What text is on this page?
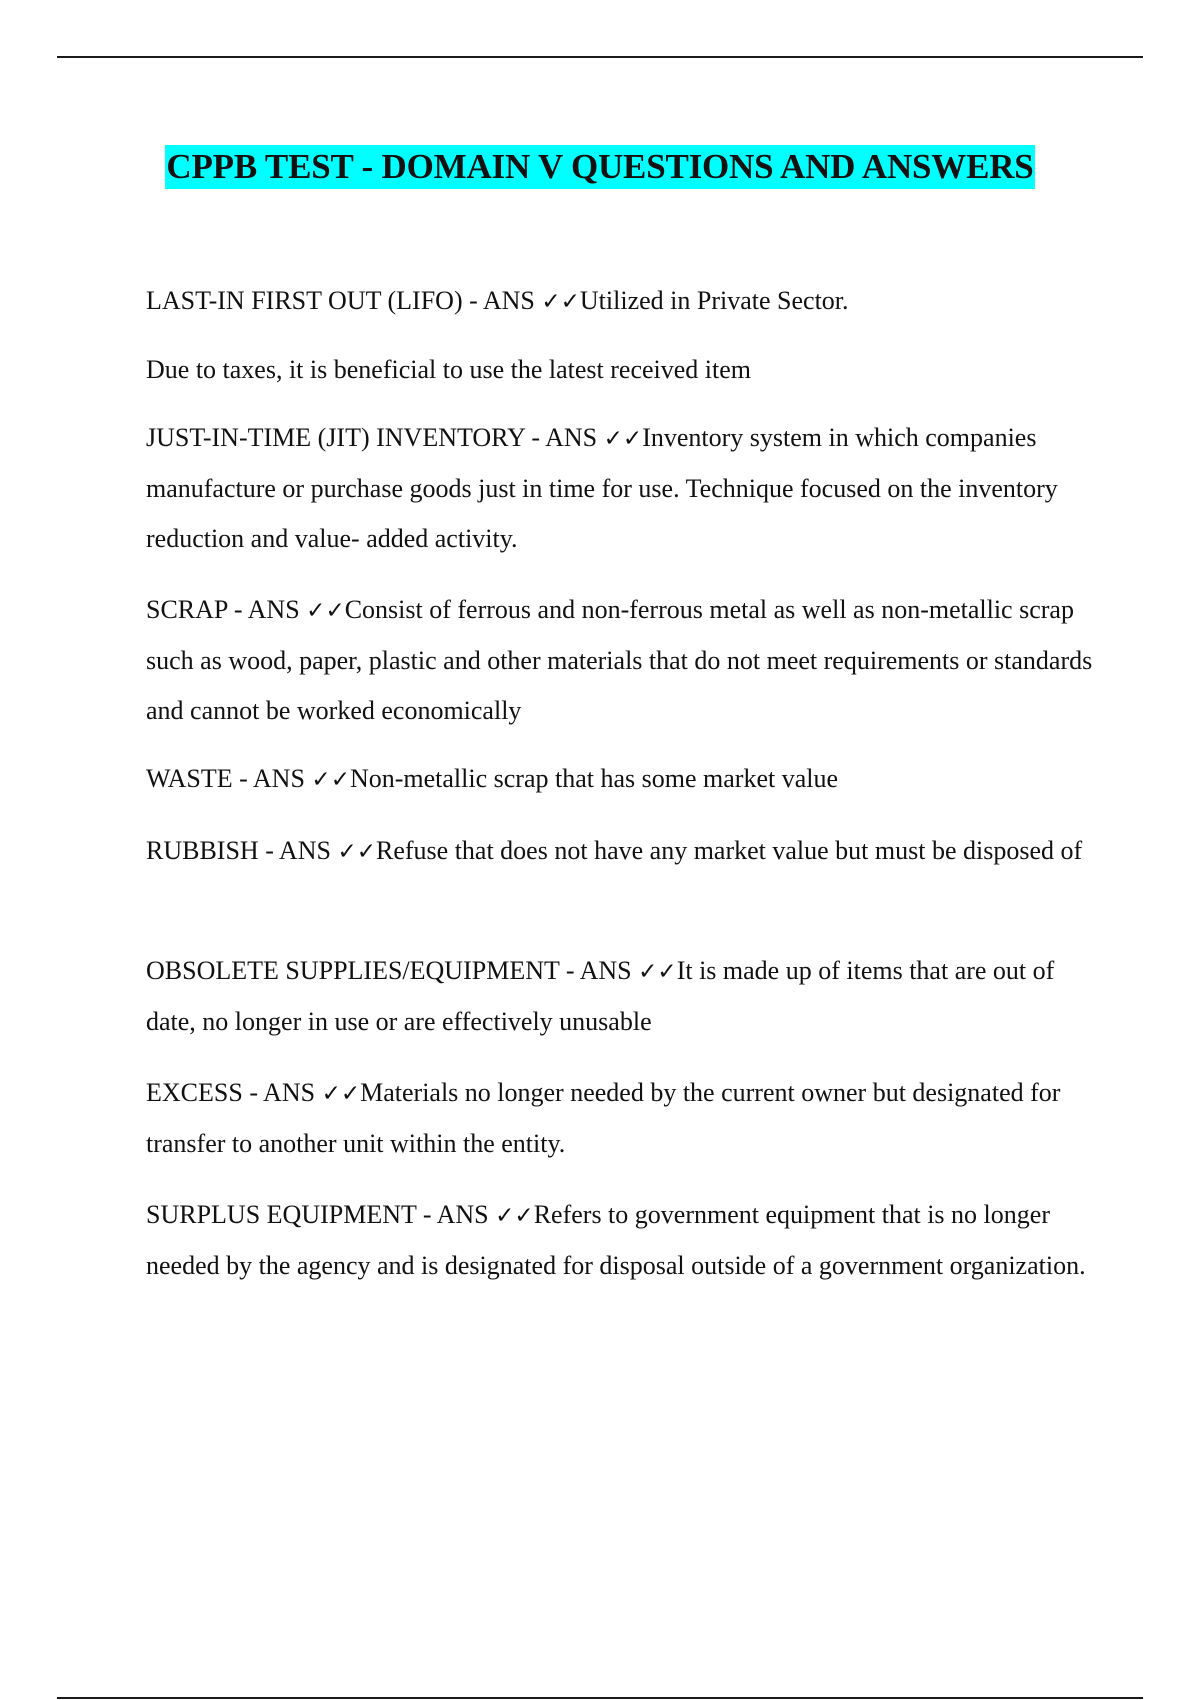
CPPB TEST - DOMAIN V QUESTIONS AND ANSWERS

LAST-IN FIRST OUT (LIFO) - ANS ✓✓Utilized in Private Sector.

Due to taxes, it is beneficial to use the latest received item

JUST-IN-TIME (JIT) INVENTORY - ANS ✓✓Inventory system in which companies manufacture or purchase goods just in time for use. Technique focused on the inventory reduction and value- added activity.

SCRAP - ANS ✓✓Consist of ferrous and non-ferrous metal as well as non-metallic scrap such as wood, paper, plastic and other materials that do not meet requirements or standards and cannot be worked economically

WASTE - ANS ✓✓Non-metallic scrap that has some market value

RUBBISH - ANS ✓✓Refuse that does not have any market value but must be disposed of

OBSOLETE SUPPLIES/EQUIPMENT - ANS ✓✓It is made up of items that are out of date, no longer in use or are effectively unusable

EXCESS - ANS ✓✓Materials no longer needed by the current owner but designated for transfer to another unit within the entity.

SURPLUS EQUIPMENT - ANS ✓✓Refers to government equipment that is no longer needed by the agency and is designated for disposal outside of a government organization.
